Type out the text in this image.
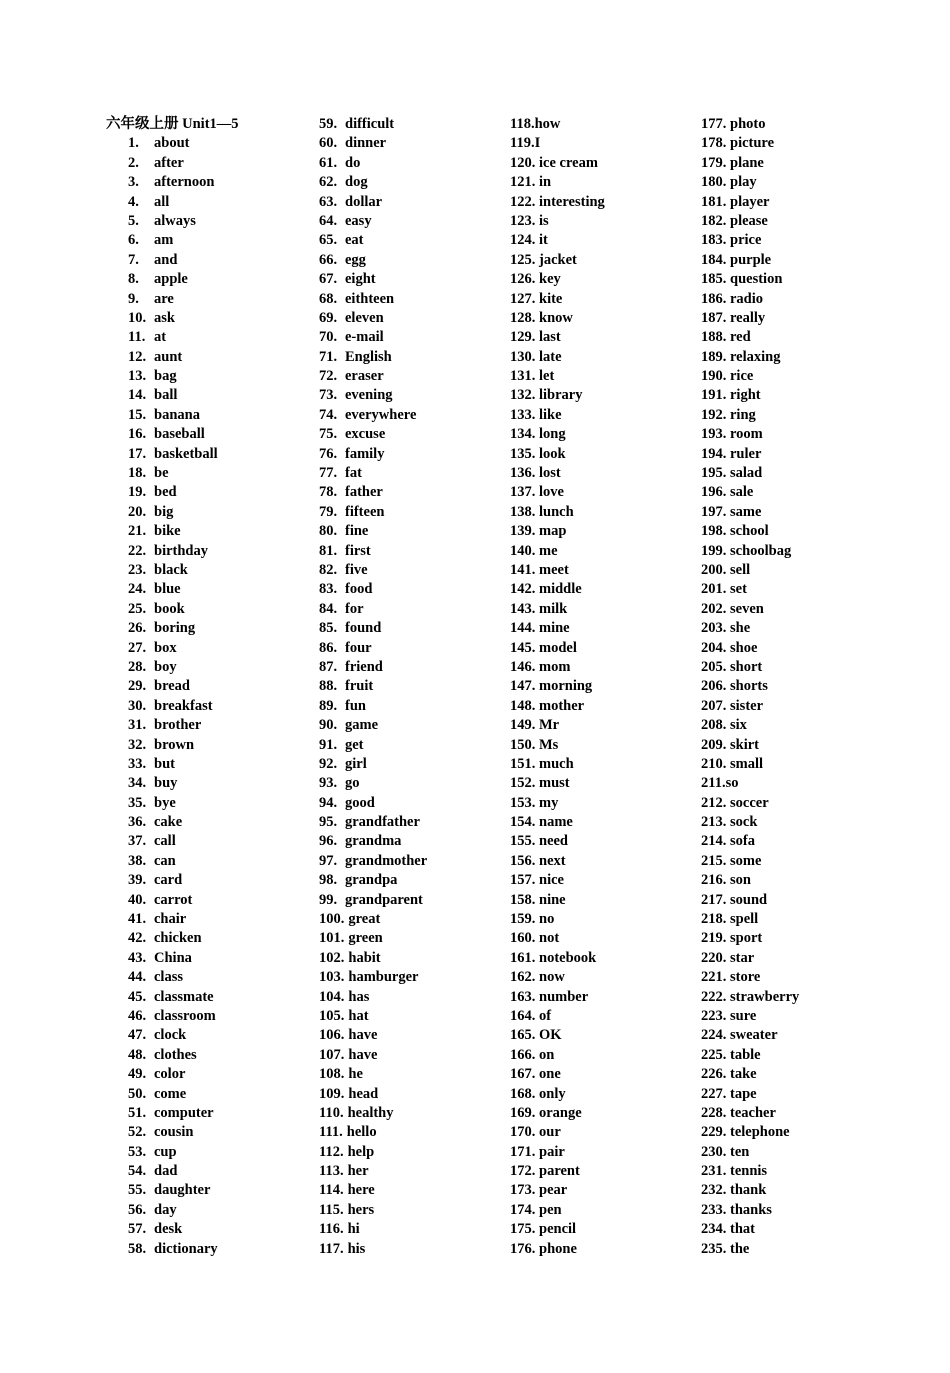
六年级上册 Unit1—5
1. about
2. after
3. afternoon
4. all
5. always
6. am
7. and
8. apple
9. are
10. ask
11. at
12. aunt
13. bag
14. ball
15. banana
16. baseball
17. basketball
18. be
19. bed
20. big
21. bike
22. birthday
23. black
24. blue
25. book
26. boring
27. box
28. boy
29. bread
30. breakfast
31. brother
32. brown
33. but
34. buy
35. bye
36. cake
37. call
38. can
39. card
40. carrot
41. chair
42. chicken
43. China
44. class
45. classmate
46. classroom
47. clock
48. clothes
49. color
50. come
51. computer
52. cousin
53. cup
54. dad
55. daughter
56. day
57. desk
58. dictionary
59. difficult
60. dinner
61. do
62. dog
63. dollar
64. easy
65. eat
66. egg
67. eight
68. eithteen
69. eleven
70. e-mail
71. English
72. eraser
73. evening
74. everywhere
75. excuse
76. family
77. fat
78. father
79. fifteen
80. fine
81. first
82. five
83. food
84. for
85. found
86. four
87. friend
88. fruit
89. fun
90. game
91. get
92. girl
93. go
94. good
95. grandfather
96. grandma
97. grandmother
98. grandpa
99. grandparent
100. great
101. green
102. habit
103. hamburger
104. has
105. hat
106. have
107. have
108. he
109. head
110. healthy
111. hello
112. help
113. her
114. here
115. hers
116. hi
117. his
118.how
119.I
120. ice cream
121. in
122. interesting
123. is
124. it
125. jacket
126. key
127. kite
128. know
129. last
130. late
131. let
132. library
133. like
134. long
135. look
136. lost
137. love
138. lunch
139. map
140. me
141. meet
142. middle
143. milk
144. mine
145. model
146. mom
147. morning
148. mother
149. Mr
150. Ms
151. much
152. must
153. my
154. name
155. need
156. next
157. nice
158. nine
159. no
160. not
161. notebook
162. now
163. number
164. of
165. OK
166. on
167. one
168. only
169. orange
170. our
171. pair
172. parent
173. pear
174. pen
175. pencil
176. phone
177. photo
178. picture
179. plane
180. play
181. player
182. please
183. price
184. purple
185. question
186. radio
187. really
188. red
189. relaxing
190. rice
191. right
192. ring
193. room
194. ruler
195. salad
196. sale
197. same
198. school
199. schoolbag
200. sell
201. set
202. seven
203. she
204. shoe
205. short
206. shorts
207. sister
208. six
209. skirt
210. small
211.so
212. soccer
213. sock
214. sofa
215. some
216. son
217. sound
218. spell
219. sport
220. star
221. store
222. strawberry
223. sure
224. sweater
225. table
226. take
227. tape
228. teacher
229. telephone
230. ten
231. tennis
232. thank
233. thanks
234. that
235. the
